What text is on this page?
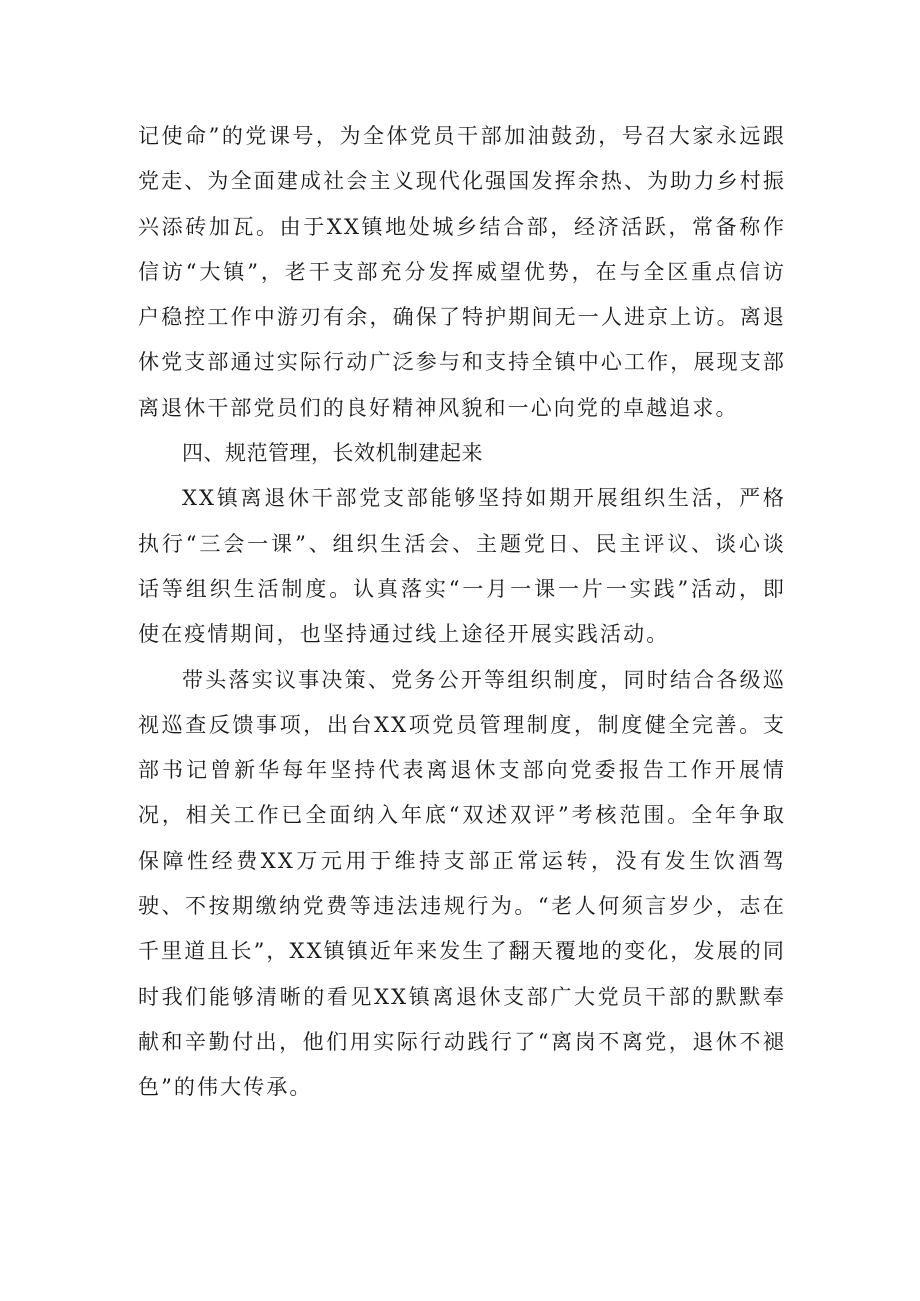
记使命”的党课号，为全体党员干部加油鼓劲，号召大家永远跟党走、为全面建成社会主义现代化强国发挥余热、为助力乡村振兴添砖加瓦。由于XX镇地处城乡结合部，经济活跃，常备称作信访“大镇”，老干支部充分发挥威望优势，在与全区重点信访户稳控工作中游刃有余，确保了特护期间无一人进京上访。离退休党支部通过实际行动广泛参与和支持全镇中心工作，展现支部离退休干部党员们的良好精神风貌和一心向党的卓越追求。

四、规范管理，长效机制建起来

XX镇离退休干部党支部能够坚持如期开展组织生活，严格执行“三会一课”、组织生活会、主题党日、民主评议、谈心谈话等组织生活制度。认真落实“一月一课一片一实践”活动，即使在疫情期间，也坚持通过线上途径开展实践活动。

带头落实议事决策、党务公开等组织制度，同时结合各级巡视巡查反馈事项，出台XX项党员管理制度，制度健全完善。支部书记曾新华每年坚持代表离退休支部向党委报告工作开展情况，相关工作已全面纳入年底“双述双评”考核范围。全年争取保障性经费XX万元用于维持支部正常运转，没有发生饮酒驾驶、不按期缴纳党费等违法违规行为。“老人何须言岁少，志在千里道且长”，XX镇镇近年来发生了翻天覆地的变化，发展的同时我们能够清晰的看见XX镇离退休支部广大党员干部的默默奉献和辛勤付出，他们用实际行动践行了“离岗不离党，退休不褪色”的伟大传承。
